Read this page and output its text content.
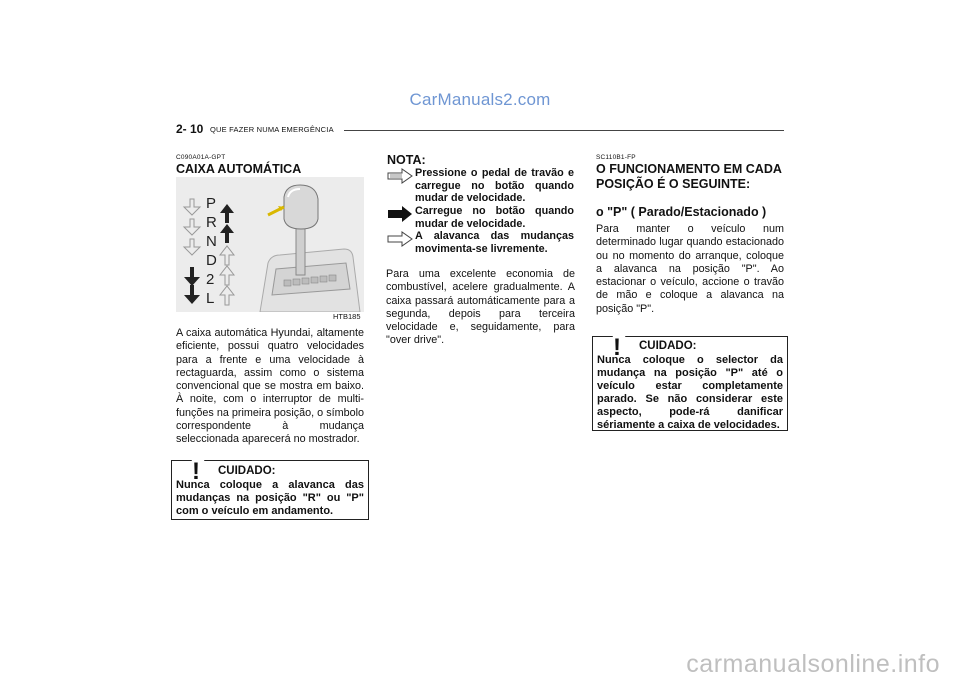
CarManuals2.com
carmanualsonline.info
2- 10 QUE FAZER NUMA EMERGÊNCIA
C090A01A-GPT
CAIXA AUTOMÁTICA
P
R
N
D
2
L
HTB185
A caixa automática Hyundai, altamente eficiente, possui quatro velocidades para a frente e uma velocidade à rectaguarda, assim como o sistema convencional que se mostra em baixo. À noite, com o interruptor de multi-funções na primeira posição, o símbolo correspondente à mudança seleccionada aparecerá no mostrador.
! CUIDADO:
Nunca coloque a alavanca das mudanças na posição "R" ou "P" com o veículo em andamento.
NOTA:
Pressione o pedal de travão e carregue no botão quando mudar de velocidade.
Carregue no botão quando mudar de velocidade.
A alavanca das mudanças movimenta-se livremente.
Para uma excelente economia de combustível, acelere gradualmente. A caixa passará automáticamente para a segunda, depois para terceira velocidade e, seguidamente, para "over drive".
SC110B1-FP
O FUNCIONAMENTO EM CADA POSIÇÃO É O SEGUINTE:
o "P" ( Parado/Estacionado )
Para manter o veículo num determinado lugar quando estacionado ou no momento do arranque, coloque a alavanca na posição "P". Ao estacionar o veículo, accione o travão de mão e coloque a alavanca na posição "P".
! CUIDADO:
Nunca coloque o selector da mudança na posição "P" até o veículo estar completamente parado. Se não considerar este aspecto, pode-rá danificar sériamente a caixa de velocidades.
